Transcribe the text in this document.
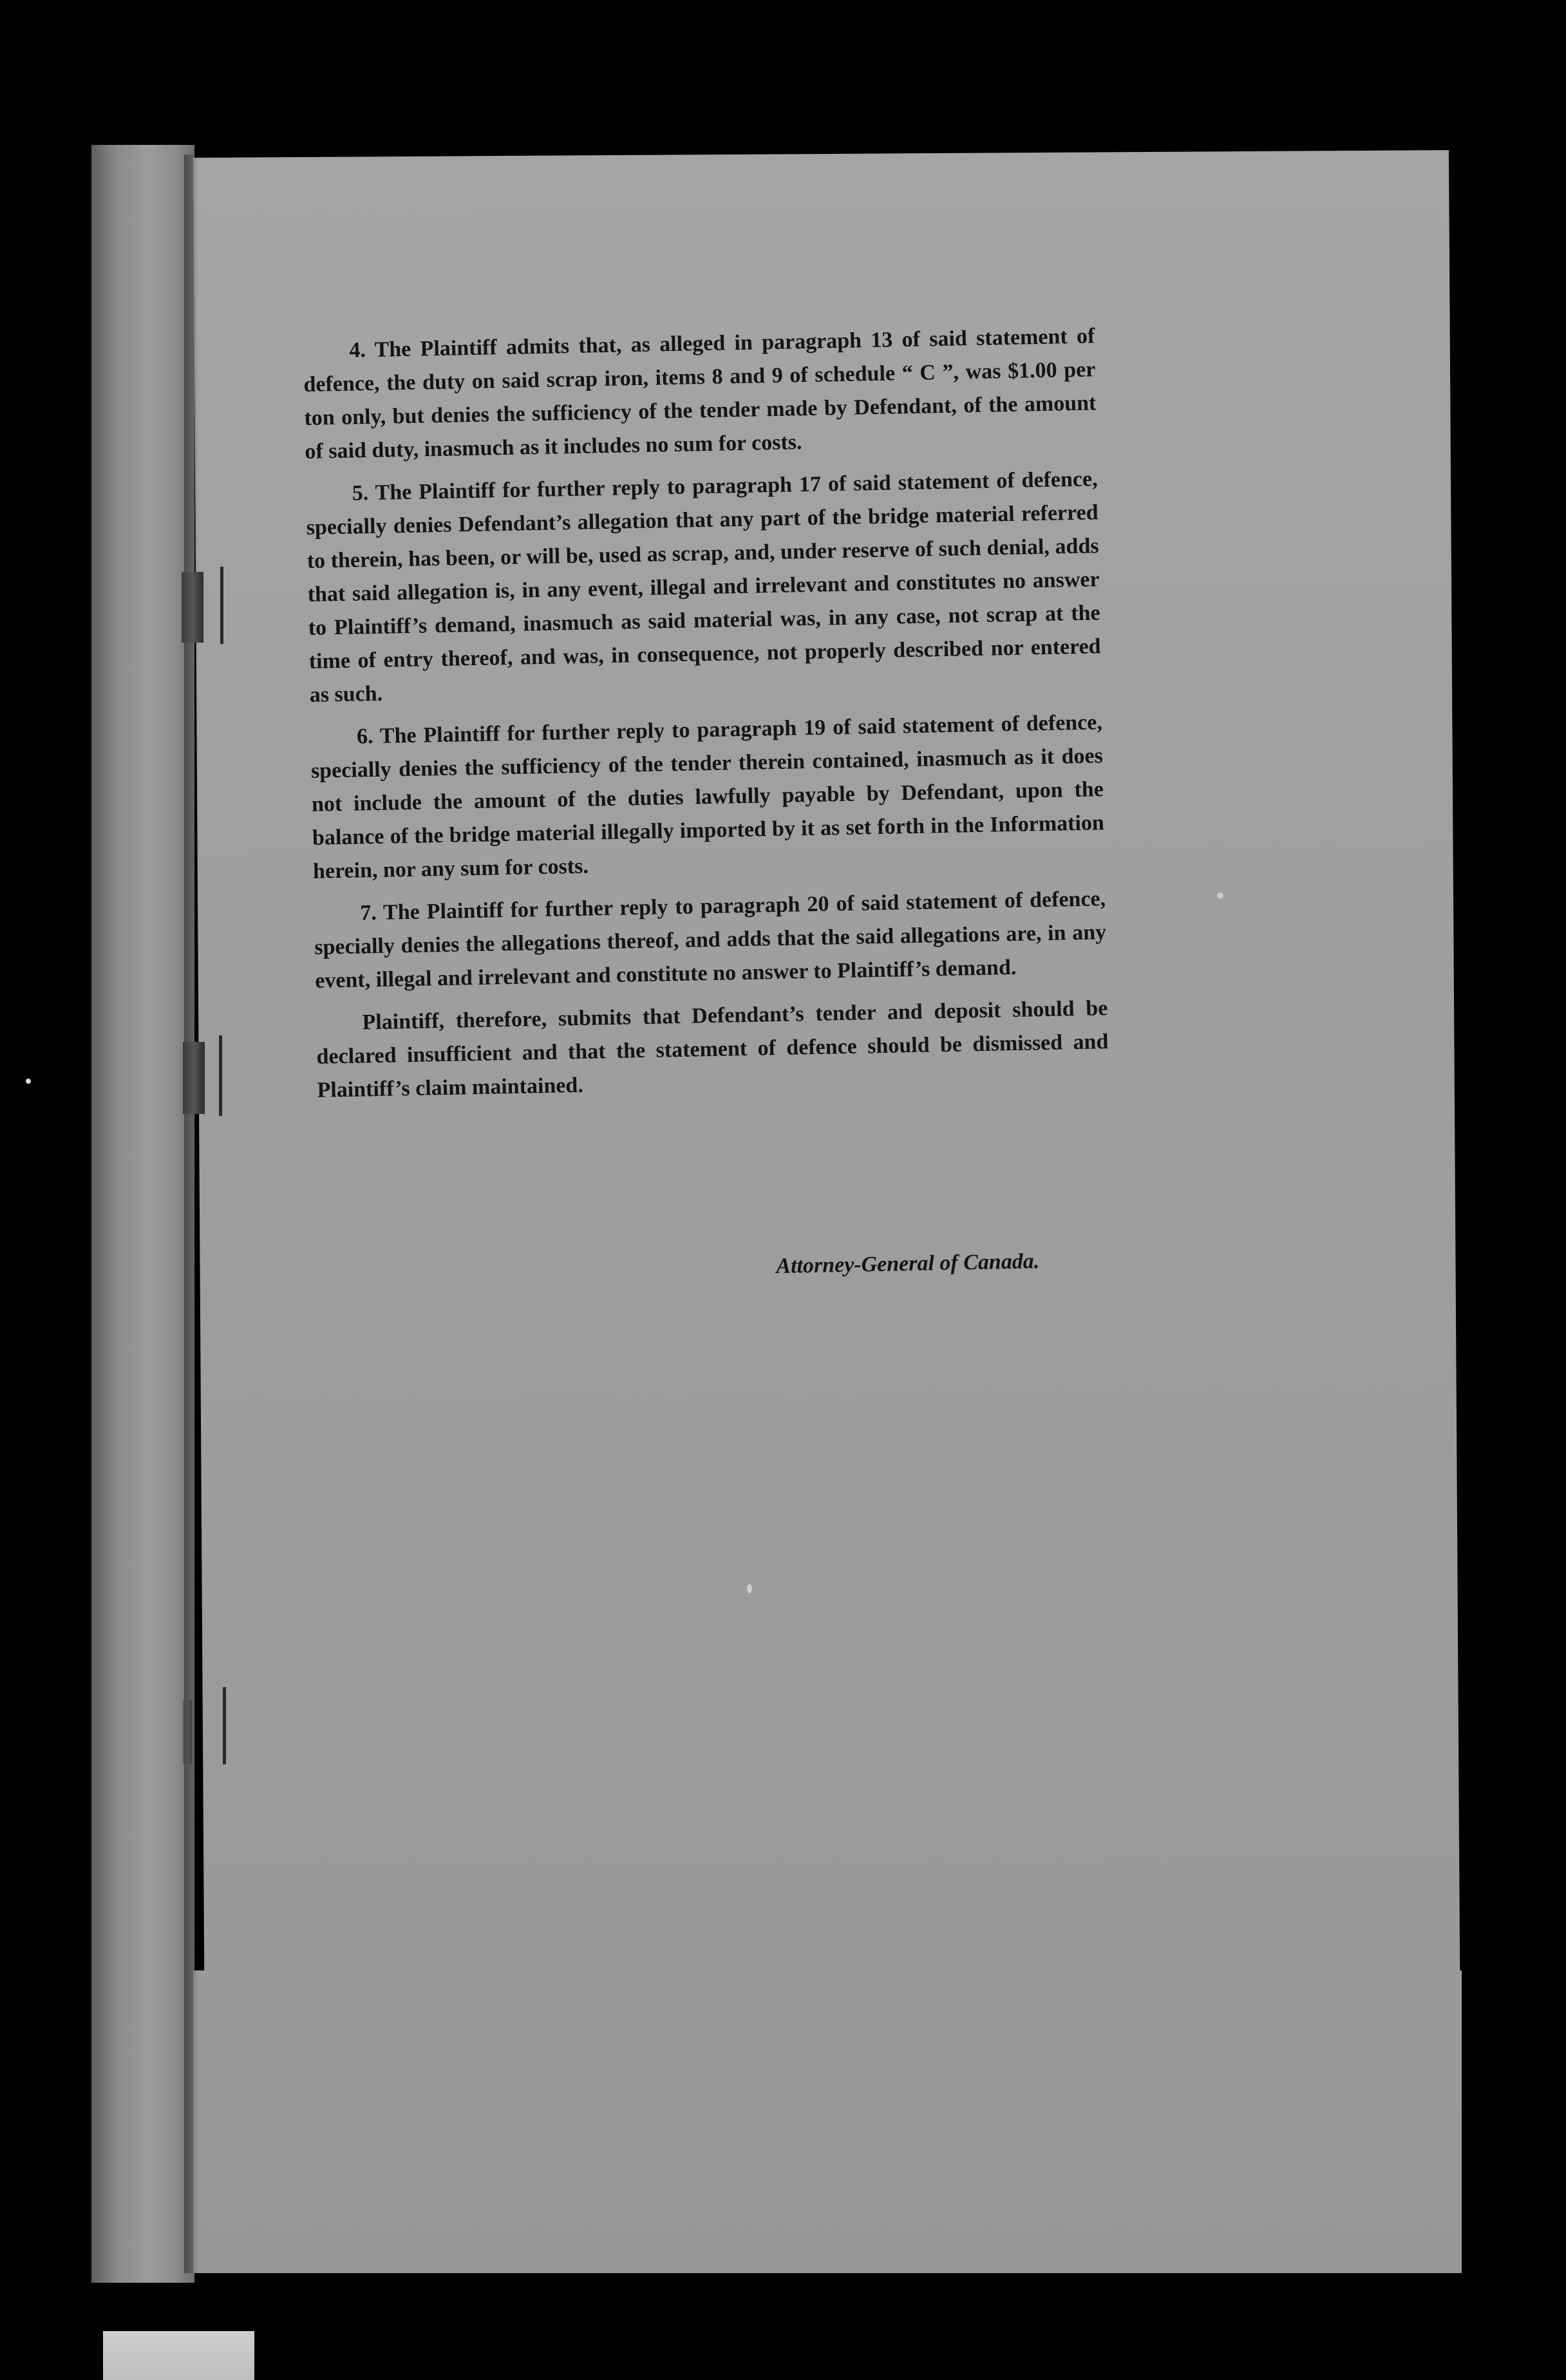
4. The Plaintiff admits that, as alleged in paragraph 13 of said statement of defence, the duty on said scrap iron, items 8 and 9 of schedule “ C ”, was $1.00 per ton only, but denies the sufficiency of the tender made by Defendant, of the amount of said duty, inasmuch as it includes no sum for costs.

5. The Plaintiff for further reply to paragraph 17 of said statement of defence, specially denies Defendant’s allegation that any part of the bridge material referred to therein, has been, or will be, used as scrap, and, under reserve of such denial, adds that said allegation is, in any event, illegal and irrelevant and constitutes no answer to Plaintiff’s demand, inasmuch as said material was, in any case, not scrap at the time of entry thereof, and was, in consequence, not properly described nor entered as such.

6. The Plaintiff for further reply to paragraph 19 of said statement of defence, specially denies the sufficiency of the tender therein contained, inasmuch as it does not include the amount of the duties lawfully payable by Defendant, upon the balance of the bridge material illegally imported by it as set forth in the Information herein, nor any sum for costs.

7. The Plaintiff for further reply to paragraph 20 of said statement of defence, specially denies the allegations thereof, and adds that the said allegations are, in any event, illegal and irrelevant and constitute no answer to Plaintiff’s demand.

Plaintiff, therefore, submits that Defendant’s tender and deposit should be declared insufficient and that the statement of defence should be dismissed and Plaintiff’s claim maintained.

Attorney-General of Canada.
